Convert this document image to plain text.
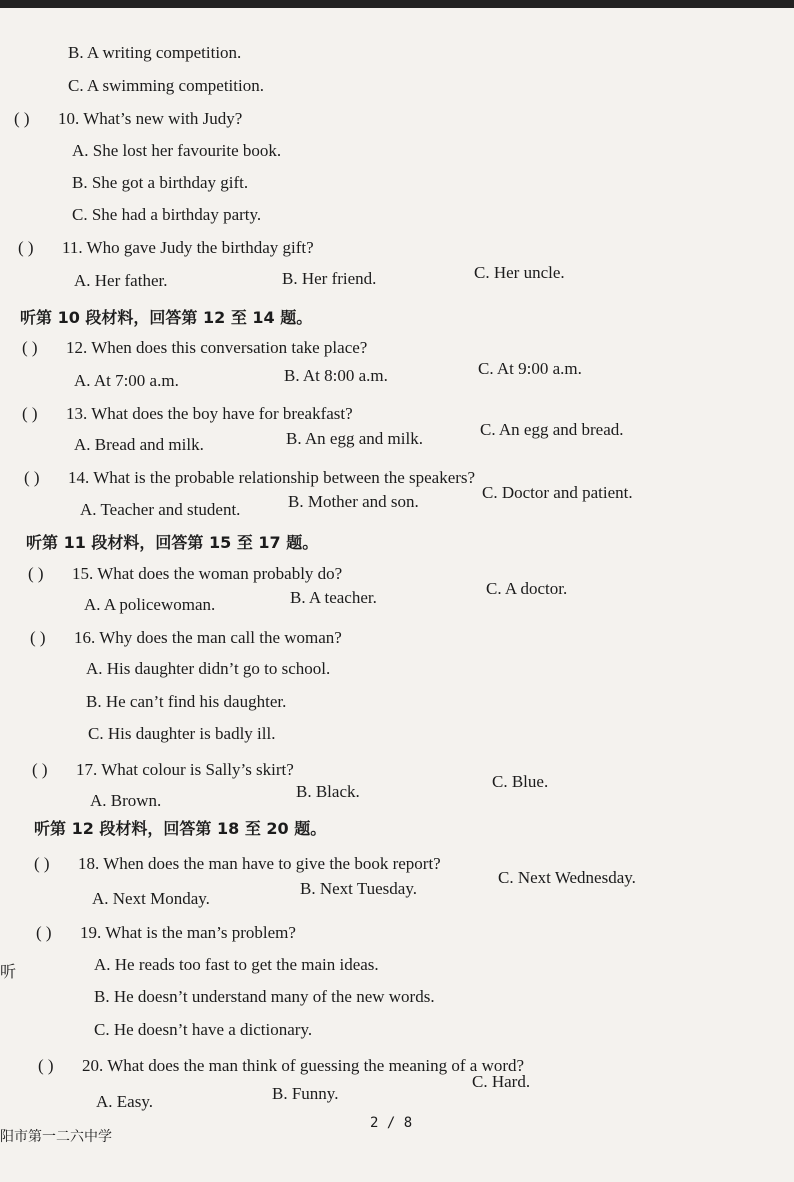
B. A writing competition.
C. A swimming competition.
( ) 10. What’s new with Judy?
A. She lost her favourite book.
B. She got a birthday gift.
C. She had a birthday party.
( ) 11. Who gave Judy the birthday gift?
A. Her father.	B. Her friend.	C. Her uncle.
听第 10 段材料，回答第 12 至 14 题。
( ) 12. When does this conversation take place?
A. At 7:00 a.m.	B. At 8:00 a.m.	C. At 9:00 a.m.
( ) 13. What does the boy have for breakfast?
A. Bread and milk.	B. An egg and milk.	C. An egg and bread.
( ) 14. What is the probable relationship between the speakers?
A. Teacher and student.	B. Mother and son.	C. Doctor and patient.
听第 11 段材料，回答第 15 至 17 题。
( ) 15. What does the woman probably do?
A. A policewoman.	B. A teacher.	C. A doctor.
( ) 16. Why does the man call the woman?
A. His daughter didn’t go to school.
B. He can’t find his daughter.
C. His daughter is badly ill.
( ) 17. What colour is Sally’s skirt?
A. Brown.	B. Black.
C. Blue.
听第 12 段材料，回答第 18 至 20 题。
( ) 18. When does the man have to give the book report?
A. Next Monday.
B. Next Tuesday.
C. Next Wednesday.
( ) 19. What is the man’s problem?
A. He reads too fast to get the main ideas.
B. He doesn’t understand many of the new words.
C. He doesn’t have a dictionary.
( ) 20. What does the man think of guessing the meaning of a word?
A. Easy.	B. Funny.
C. Hard.
听
阳市第一二六中学
2 / 8
